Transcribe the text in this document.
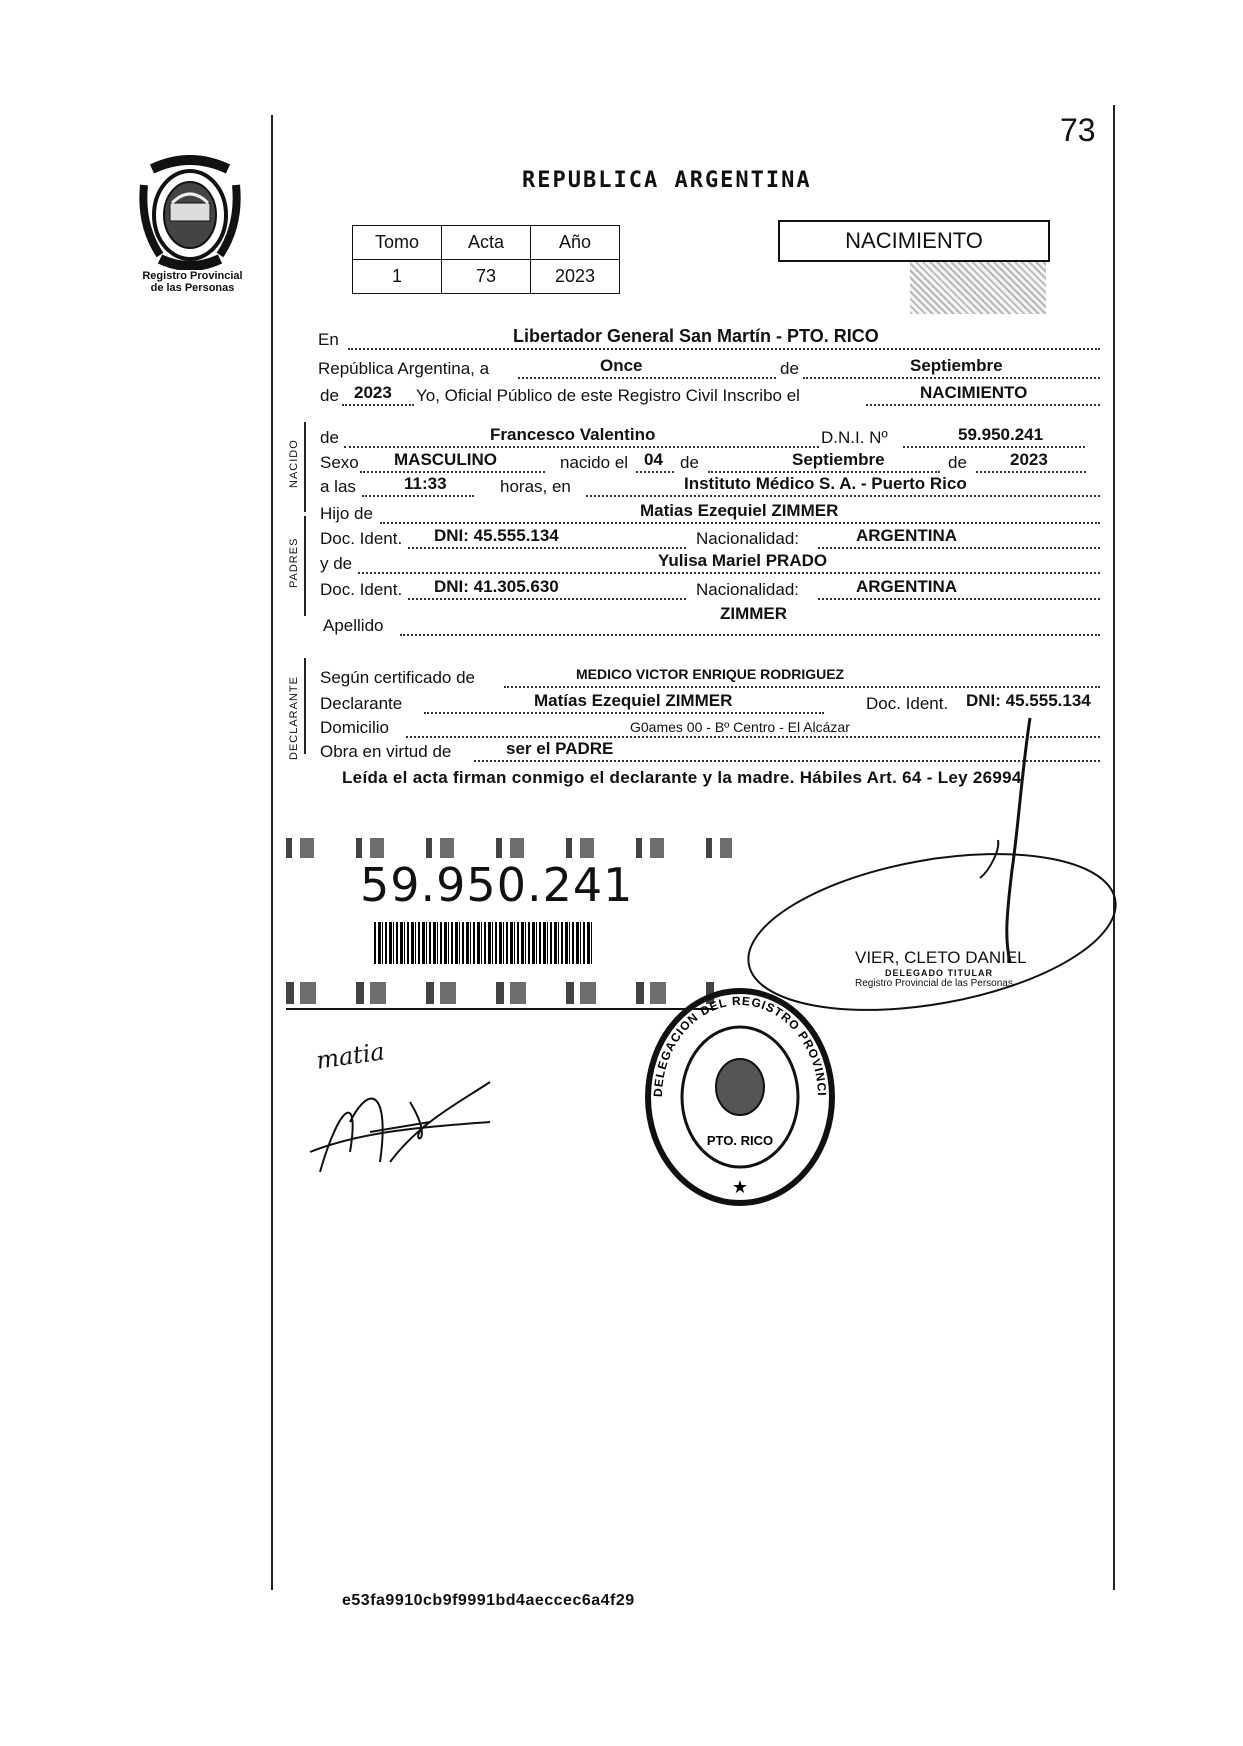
73
Registro Provincial
de las Personas
REPUBLICA ARGENTINA
Tomo	Acta	Año
1	73	2023
NACIMIENTO
En	Libertador General San Martín - PTO. RICO
República Argentina, a	Once	de	Septiembre
de 2023 Yo, Oficial Público de este Registro Civil Inscribo el	NACIMIENTO
NACIDO
de	Francesco Valentino	D.N.I. Nº	59.950.241
Sexo MASCULINO	nacido el 04 de	Septiembre	de	2023
a las	11:33	horas, en	Instituto Médico S. A. - Puerto Rico
PADRES
Hijo de	Matias Ezequiel ZIMMER
Doc. Ident. DNI: 45.555.134	Nacionalidad:	ARGENTINA
y de	Yulisa Mariel PRADO
Doc. Ident. DNI: 41.305.630	Nacionalidad:	ARGENTINA
Apellido
ZIMMER
DECLARANTE Según certificado de	MEDICO VICTOR ENRIQUE RODRIGUEZ
Declarante	Matías Ezequiel ZIMMER	Doc. Ident. DNI: 45.555.134
Domicilio	G0ames 00 - Bº Centro - El Alcázar
Obra en virtud de	ser el PADRE
Leída el acta firman conmigo el declarante y la madre. Hábiles Art. 64 - Ley 26994
59.950.241
VIER, CLETO DANIEL
DELEGADO TITULAR
Registro Provincial de las Personas
DELEGACION DEL REGISTRO PROVINCI
PTO. RICO
★
matia
e53fa9910cb9f9991bd4aeccec6a4f29
